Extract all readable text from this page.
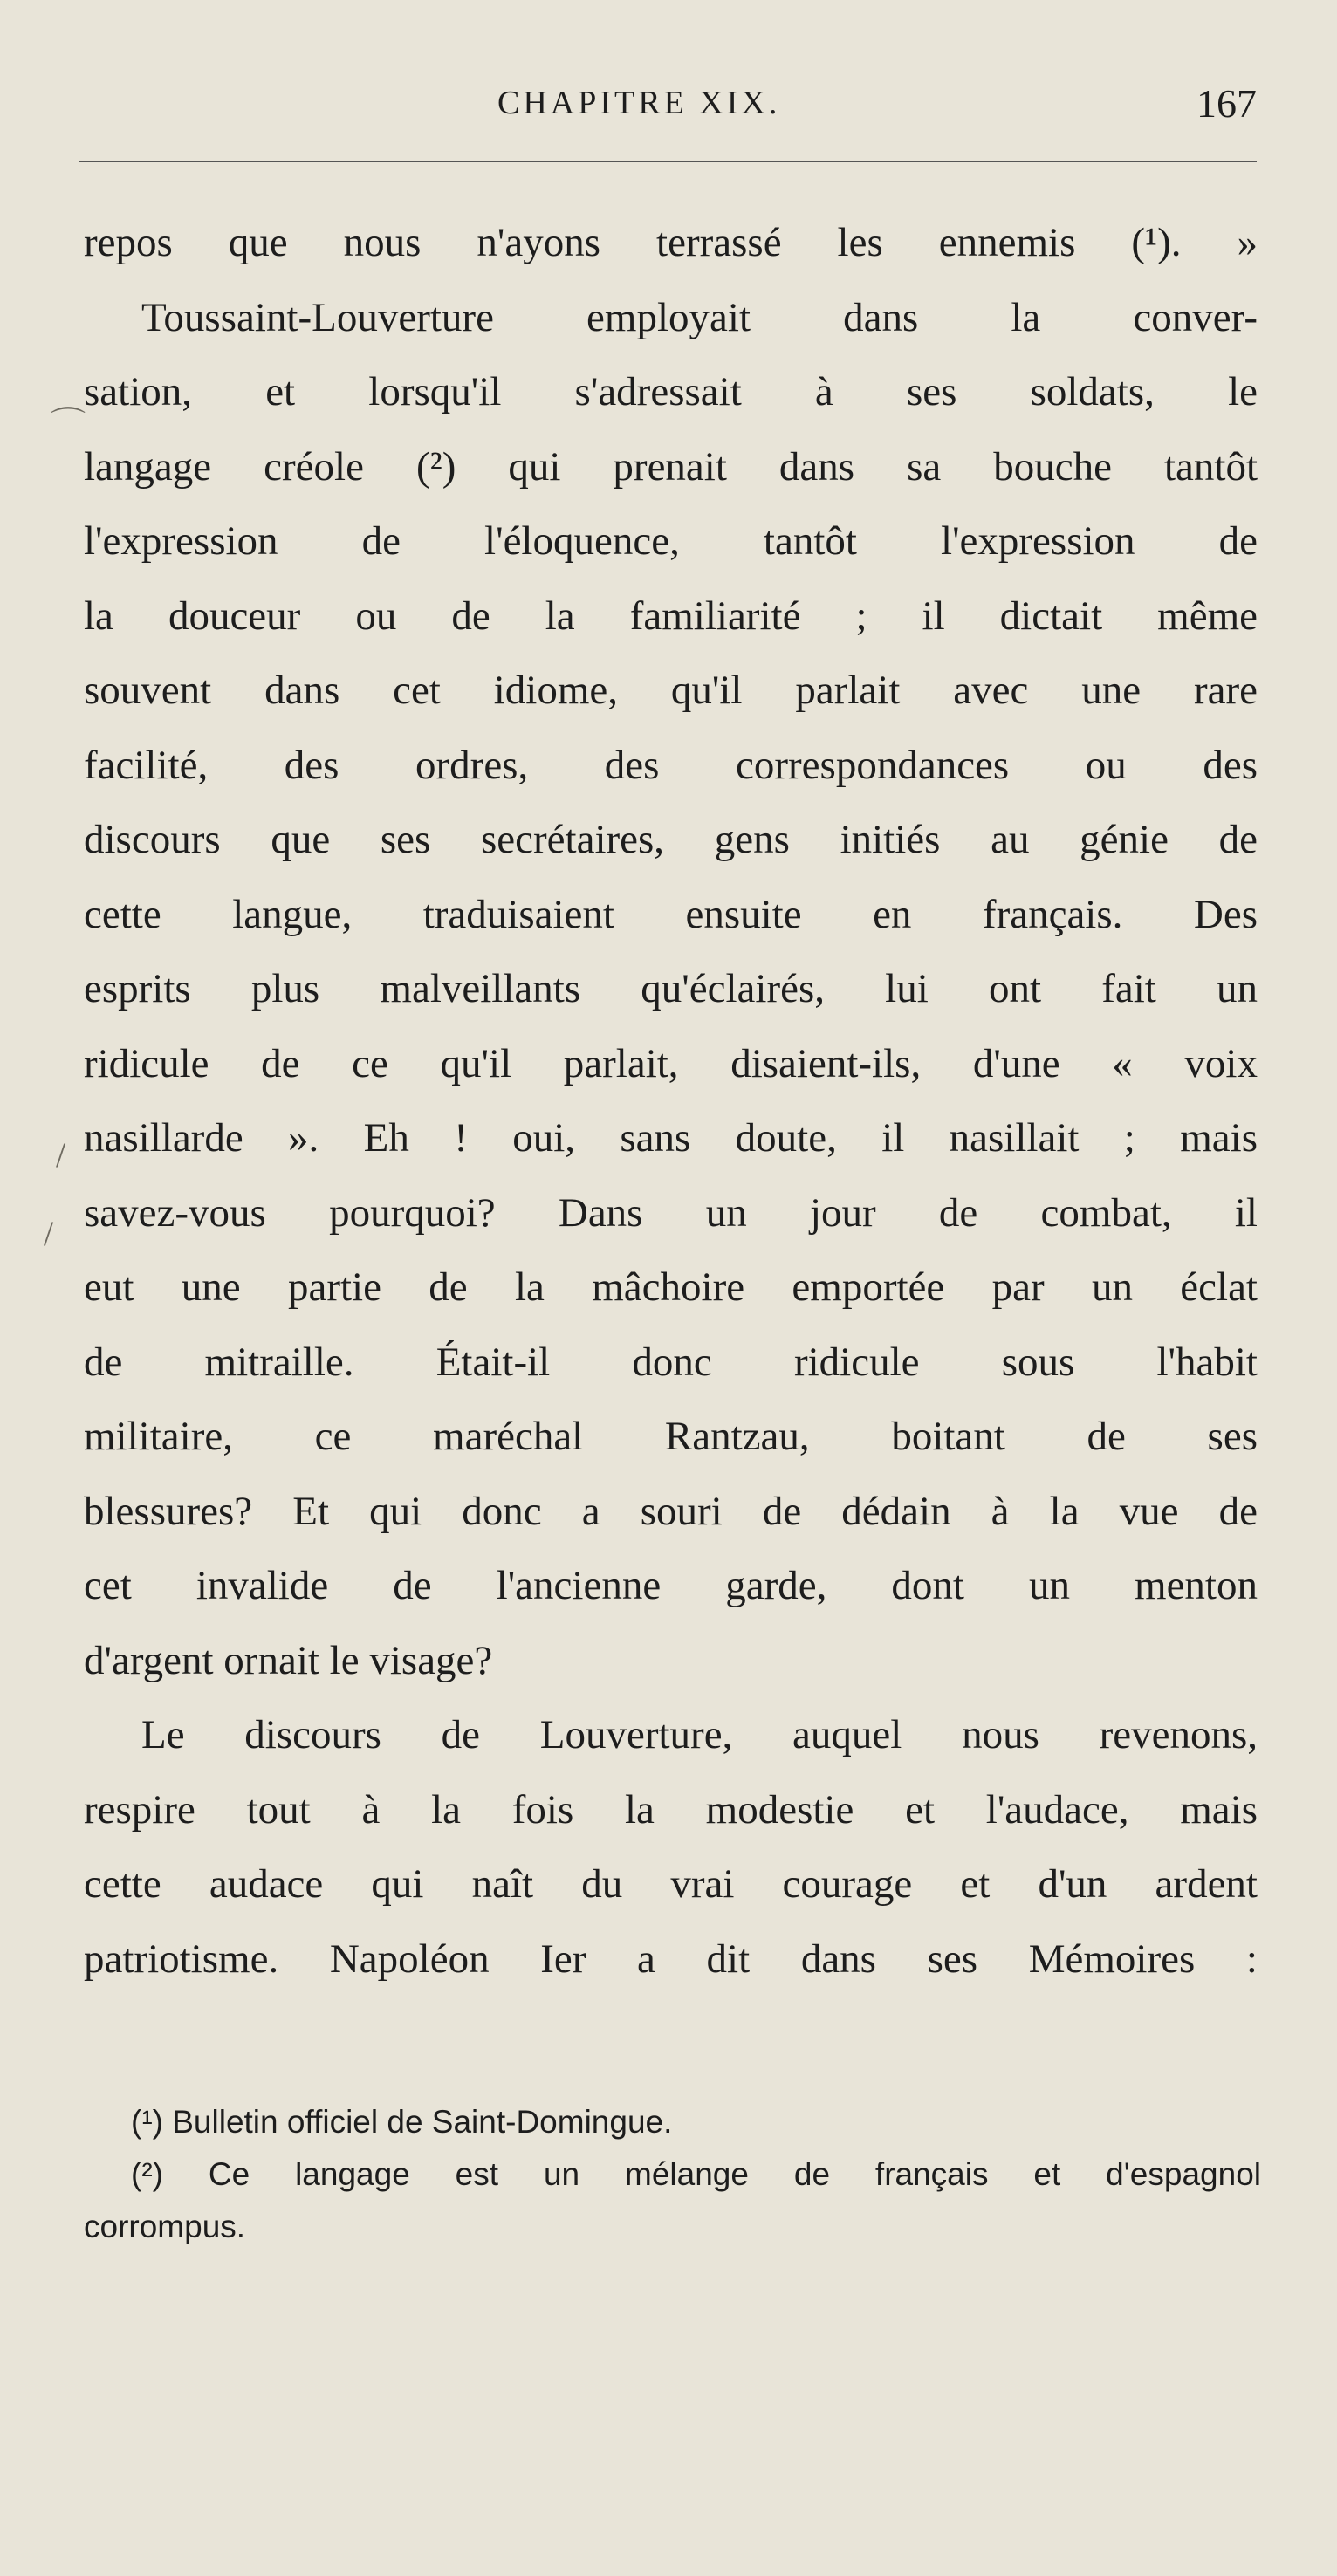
CHAPITRE XIX.	167
repos que nous n'ayons terrassé les ennemis (¹). »
Toussaint-Louverture employait dans la conver-
sation, et lorsqu'il s'adressait à ses soldats, le
langage créole (²) qui prenait dans sa bouche tantôt
l'expression de l'éloquence, tantôt l'expression de
la douceur ou de la familiarité ; il dictait même
souvent dans cet idiome, qu'il parlait avec une rare
facilité, des ordres, des correspondances ou des
discours que ses secrétaires, gens initiés au génie de
cette langue, traduisaient ensuite en français. Des
esprits plus malveillants qu'éclairés, lui ont fait un
ridicule de ce qu'il parlait, disaient-ils, d'une « voix
nasillarde ». Eh ! oui, sans doute, il nasillait ; mais
savez-vous pourquoi? Dans un jour de combat, il
eut une partie de la mâchoire emportée par un éclat
de mitraille. Était-il donc ridicule sous l'habit
militaire, ce maréchal Rantzau, boitant de ses
blessures? Et qui donc a souri de dédain à la vue de
cet invalide de l'ancienne garde, dont un menton
d'argent ornait le visage?
Le discours de Louverture, auquel nous revenons,
respire tout à la fois la modestie et l'audace, mais
cette audace qui naît du vrai courage et d'un ardent
patriotisme. Napoléon Ier a dit dans ses Mémoires :
(¹) Bulletin officiel de Saint-Domingue.
(²) Ce langage est un mélange de français et d'espagnol
corrompus.
⌒
/
/
